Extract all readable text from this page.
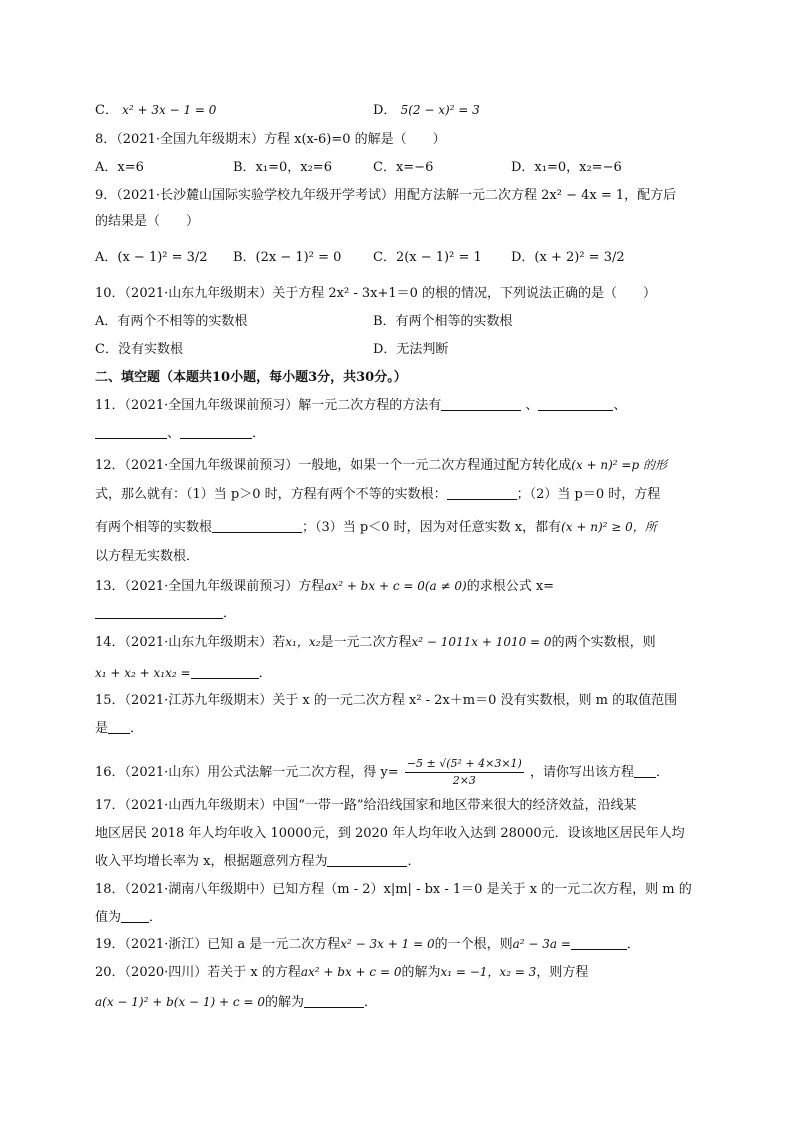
C． x² + 3x − 1 = 0	D． 5(2 − x)² = 3
8．（2021·全国九年级期末）方程 x(x-6)=0 的解是（　　）
A．x=6	B．x₁=0，x₂=6	C．x=−6	D．x₁=0，x₂=−6
9．（2021·长沙麓山国际实验学校九年级开学考试）用配方法解一元二次方程 2x² − 4x = 1，配方后
的结果是（　　）
A．(x − 1)² = 3/2 B．(2x − 1)² = 0 C．2(x − 1)² = 1 D．(x + 2)² = 3/2
10．（2021·山东九年级期末）关于方程 2x² - 3x+1＝0 的根的情况，下列说法正确的是（　　）
A．有两个不相等的实数根	B．有两个相等的实数根
C．没有实数根	D．无法判断
二、填空题（本题共10小题，每小题3分，共30分。）
11．（2021·全国九年级课前预习）解一元二次方程的方法有	、	、
、	．
12．（2021·全国九年级课前预习）一般地，如果一个一元二次方程通过配方转化成(x + n)² =p 的形
式，那么就有：（1）当 p＞0 时，方程有两个不等的实数根：	；（2）当 p＝0 时，方程
有两个相等的实数根	；（3）当 p＜0 时，因为对任意实数 x，都有(x + n)² ≥ 0，所
以方程无实数根．
13．（2021·全国九年级课前预习）方程ax² + bx + c = 0(a ≠ 0)的求根公式 x=
．
14．（2021·山东九年级期末）若x₁，x₂是一元二次方程x² − 1011x + 1010 = 0的两个实数根，则
x₁ + x₂ + x₁x₂ =	．
15．（2021·江苏九年级期末）关于 x 的一元二次方程 x² - 2x＋m＝0 没有实数根，则 m 的取值范围
是 ．
16．（2021·山东）用公式法解一元二次方程，得 $y= \frac{\text{−5 ± √(5² + 4×3×1)}}{2\times 3}$ ，请你写出该方程 ．
17．（2021·山西九年级期末）中国“一带一路”给沿线国家和地区带来很大的经济效益，沿线某
地区居民 2018 年人均年收入 10000元，到 2020 年人均年收入达到 28000元．设该地区居民年人均
收入平均增长率为 x，根据题意列方程为	．
18．（2021·湖南八年级期中）已知方程（m - 2）x|m| - bx - 1＝0 是关于 x 的一元二次方程，则 m 的
值为 ．
19．（2021·浙江）已知 a 是一元二次方程x² − 3x + 1 = 0的一个根，则a² − 3a =	．
20．（2020·四川）若关于 x 的方程ax² + bx + c = 0的解为x₁ = −1，x₂ = 3，则方程
a(x − 1)² + b(x − 1) + c = 0的解为	．
